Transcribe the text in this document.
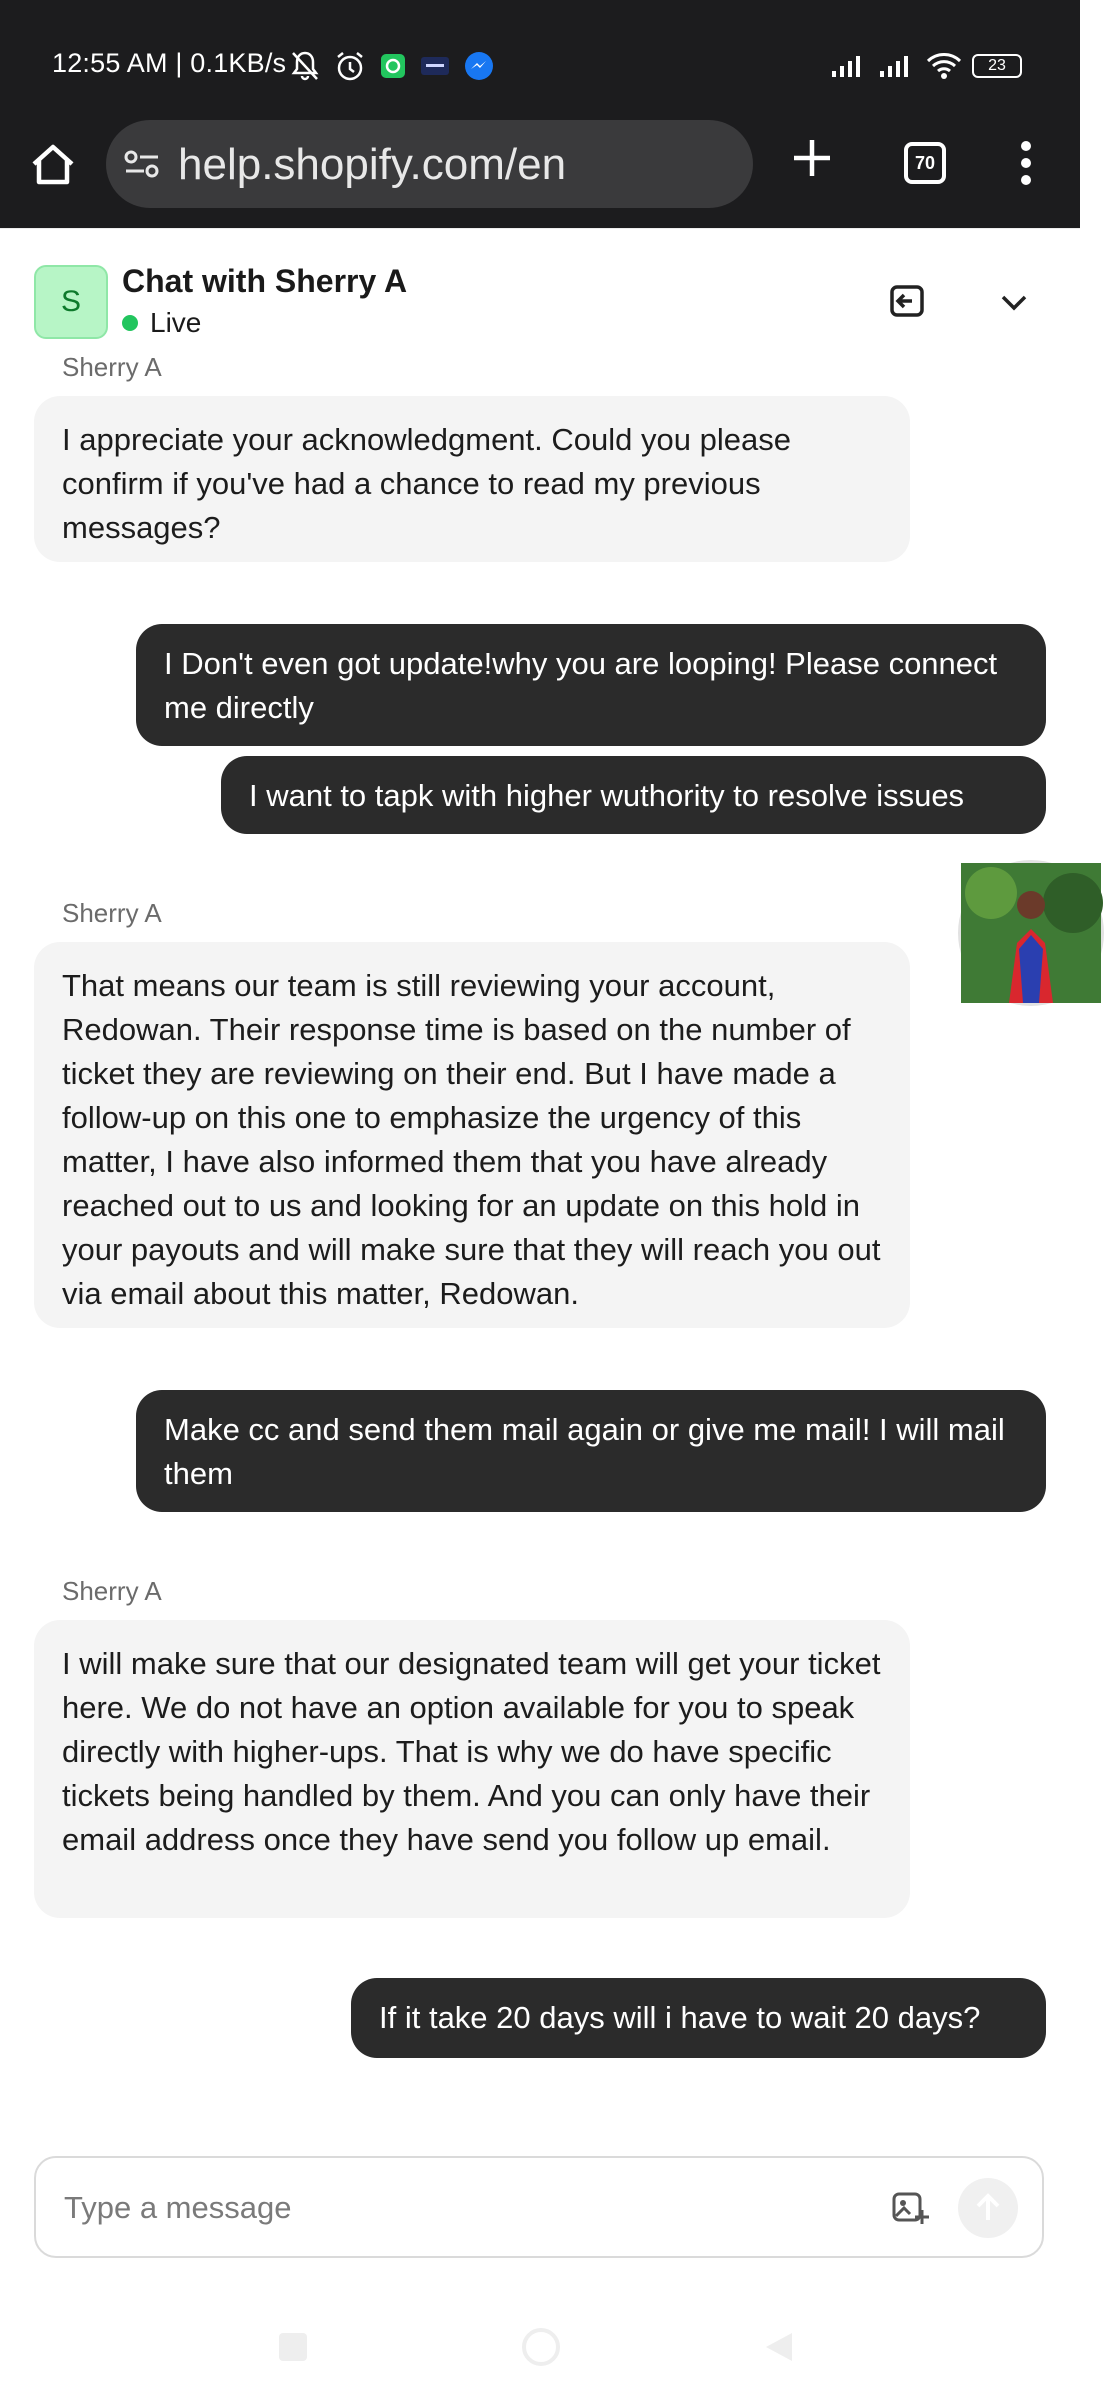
12:55 AM | 0.1KB/s	23
help.shopify.com/en	70
S
Chat with Sherry A
Live
Sherry A
I appreciate your acknowledgment. Could you please confirm if you've had a chance to read my previous messages?
I Don't even got update!why you are looping! Please connect me directly
I want to tapk with higher wuthority to resolve issues
Sherry A
That means our team is still reviewing your account, Redowan. Their response time is based on the number of ticket they are reviewing on their end. But I have made a follow-up on this one to emphasize the urgency of this matter, I have also informed them that you have already reached out to us and looking for an update on this hold in your payouts and will make sure that they will reach you out via email about this matter, Redowan.
Make cc and send them mail again or give me mail! I will mail them
Sherry A
I will make sure that our designated team will get your ticket here. We do not have an option available for you to speak directly with higher-ups. That is why we do have specific tickets being handled by them. And you can only have their email address once they have send you follow up email.
If it take 20 days will i have to wait 20 days?
Type a message
